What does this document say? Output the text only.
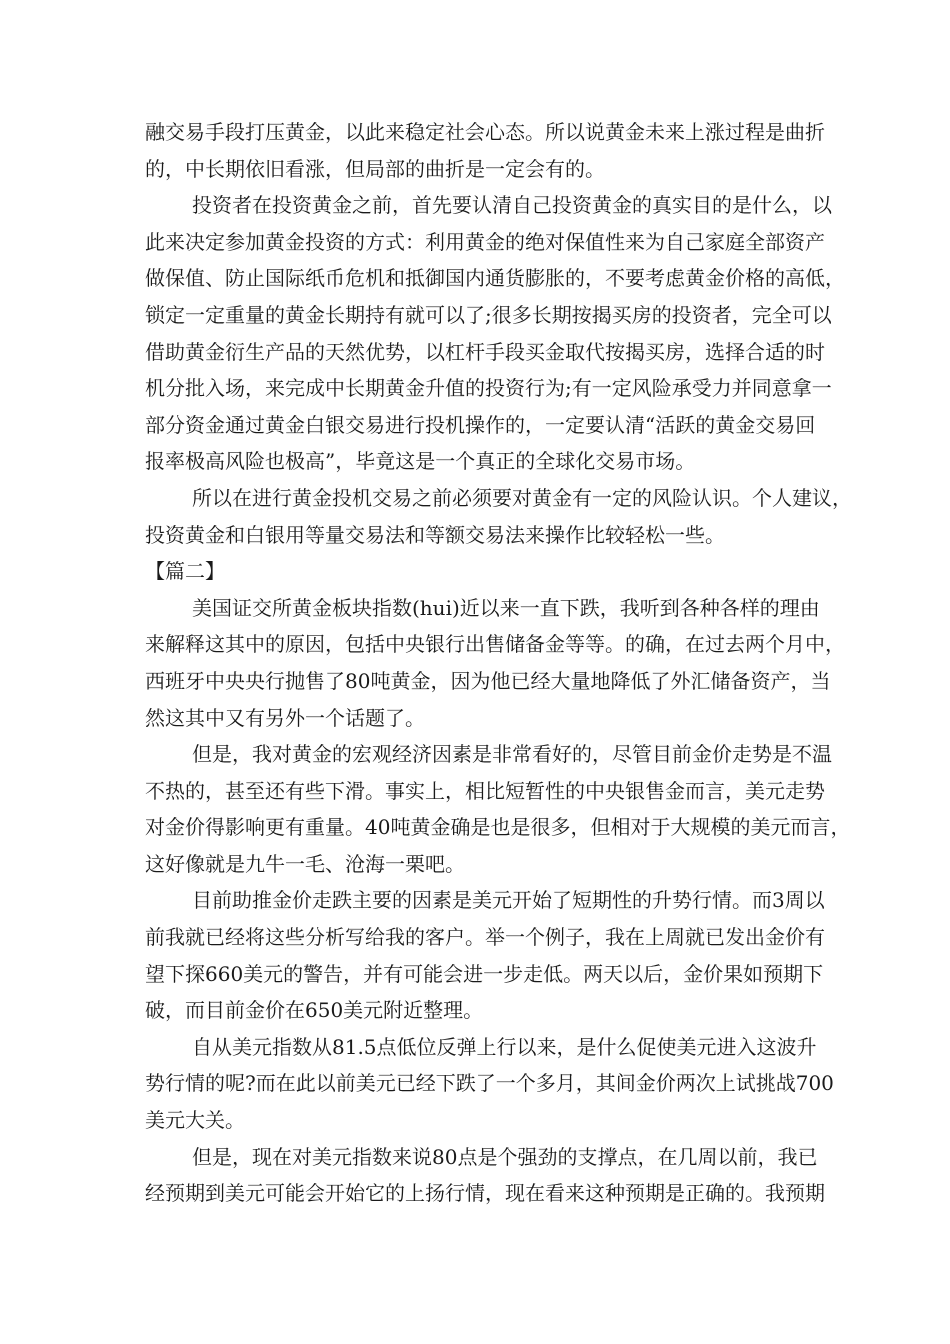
融交易手段打压黄金，以此来稳定社会心态。所以说黄金未来上涨过程是曲折
的，中长期依旧看涨，但局部的曲折是一定会有的。
投资者在投资黄金之前，首先要认清自己投资黄金的真实目的是什么，以
此来决定参加黄金投资的方式：利用黄金的绝对保值性来为自己家庭全部资产
做保值、防止国际纸币危机和抵御国内通货膨胀的，不要考虑黄金价格的高低，
锁定一定重量的黄金长期持有就可以了;很多长期按揭买房的投资者，完全可以
借助黄金衍生产品的天然优势，以杠杆手段买金取代按揭买房，选择合适的时
机分批入场，来完成中长期黄金升值的投资行为;有一定风险承受力并同意拿一
部分资金通过黄金白银交易进行投机操作的，一定要认清“活跃的黄金交易回
报率极高风险也极高”，毕竟这是一个真正的全球化交易市场。
所以在进行黄金投机交易之前必须要对黄金有一定的风险认识。个人建议，
投资黄金和白银用等量交易法和等额交易法来操作比较轻松一些。
【篇二】
美国证交所黄金板块指数(hui)近以来一直下跌，我听到各种各样的理由
来解释这其中的原因，包括中央银行出售储备金等等。的确，在过去两个月中，
西班牙中央央行抛售了80吨黄金，因为他已经大量地降低了外汇储备资产，当
然这其中又有另外一个话题了。
但是，我对黄金的宏观经济因素是非常看好的，尽管目前金价走势是不温
不热的，甚至还有些下滑。事实上，相比短暂性的中央银售金而言，美元走势
对金价得影响更有重量。40吨黄金确是也是很多，但相对于大规模的美元而言，
这好像就是九牛一毛、沧海一栗吧。
目前助推金价走跌主要的因素是美元开始了短期性的升势行情。而3周以
前我就已经将这些分析写给我的客户。举一个例子，我在上周就已发出金价有
望下探660美元的警告，并有可能会进一步走低。两天以后，金价果如预期下
破，而目前金价在650美元附近整理。
自从美元指数从81.5点低位反弹上行以来，是什么促使美元进入这波升
势行情的呢?而在此以前美元已经下跌了一个多月，其间金价两次上试挑战700
美元大关。
但是，现在对美元指数来说80点是个强劲的支撑点，在几周以前，我已
经预期到美元可能会开始它的上扬行情，现在看来这种预期是正确的。我预期
